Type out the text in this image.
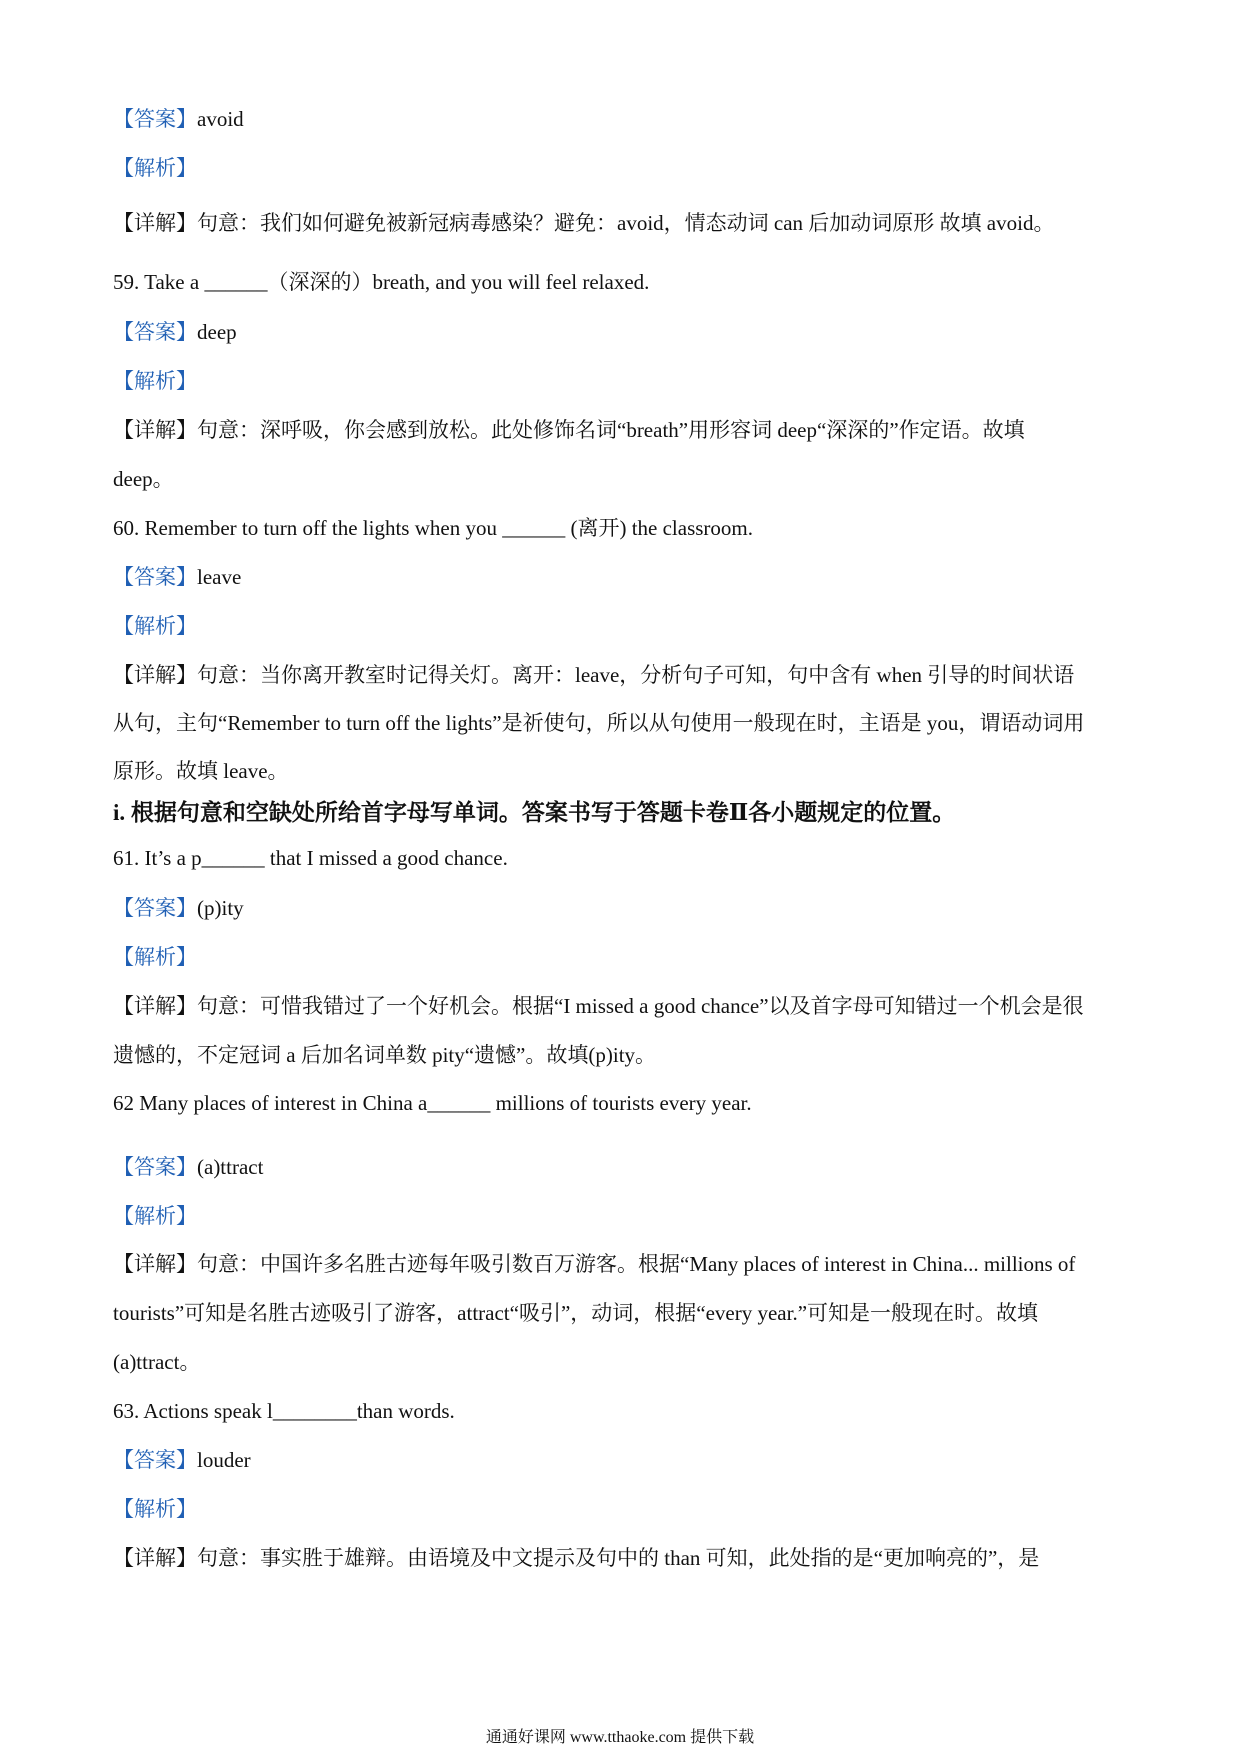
【答案】avoid
【解析】
【详解】句意：我们如何避免被新冠病毒感染？避免：avoid，情态动词 can 后加动词原形 故填 avoid。
59. Take a ______（深深的）breath, and you will feel relaxed.
【答案】deep
【解析】
【详解】句意：深呼吸，你会感到放松。此处修饰名词“breath”用形容词 deep“深深的”作定语。故填
deep。
60. Remember to turn off the lights when you ______ (离开) the classroom.
【答案】leave
【解析】
【详解】句意：当你离开教室时记得关灯。离开：leave，分析句子可知，句中含有 when 引导的时间状语
从句，主句“Remember to turn off the lights”是祈使句，所以从句使用一般现在时，主语是 you，谓语动词用
原形。故填 leave。
i. 根据句意和空缺处所给首字母写单词。答案书写于答题卡卷Ⅱ各小题规定的位置。
61. It’s a p______ that I missed a good chance.
【答案】(p)ity
【解析】
【详解】句意：可惜我错过了一个好机会。根据“I missed a good chance”以及首字母可知错过一个机会是很
遗憾的，不定冠词 a 后加名词单数 pity“遗憾”。故填(p)ity。
62 Many places of interest in China a______ millions of tourists every year.
【答案】(a)ttract
【解析】
【详解】句意：中国许多名胜古迹每年吸引数百万游客。根据“Many places of interest in China... millions of
tourists”可知是名胜古迹吸引了游客，attract“吸引”，动词，根据“every year.”可知是一般现在时。故填
(a)ttract。
63. Actions speak l________than words.
【答案】louder
【解析】
【详解】句意：事实胜于雄辩。由语境及中文提示及句中的 than 可知，此处指的是“更加响亮的”，是
通通好课网 www.tthaoke.com 提供下载
